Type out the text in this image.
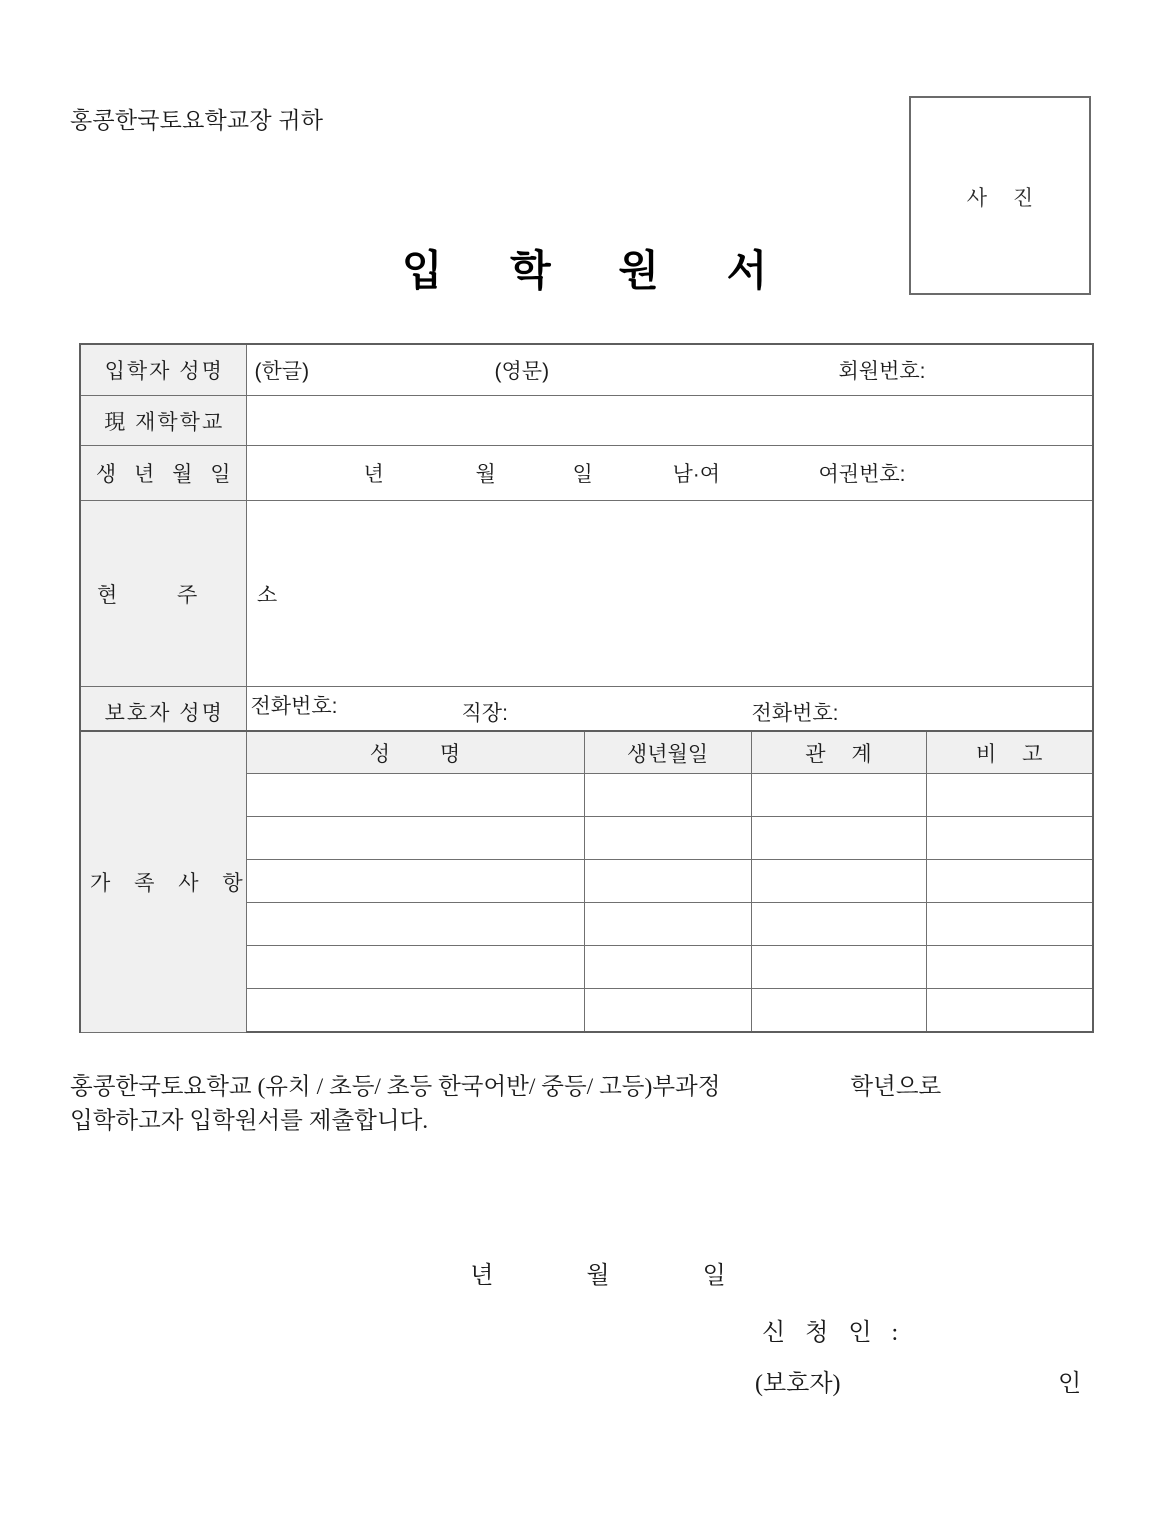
홍콩한국토요학교장 귀하
사 진
입 학 원 서
입학자 성명	(한글) (영문) 회원번호:

現 재학학교	
생 년 월 일	년 월 일 남·여 여권번호:

현  주  소	전화번호:

보호자 성명	직장: 전화번호:
가 족 사 항	성 명	생년월일	관 계	비 고

홍콩한국토요학교 (유치 / 초등/ 초등 한국어반/ 중등/ 고등)부과정	학년으로
입학하고자 입학원서를 제출합니다.

년	월	일

신 청 인 :
(보호자)	인
